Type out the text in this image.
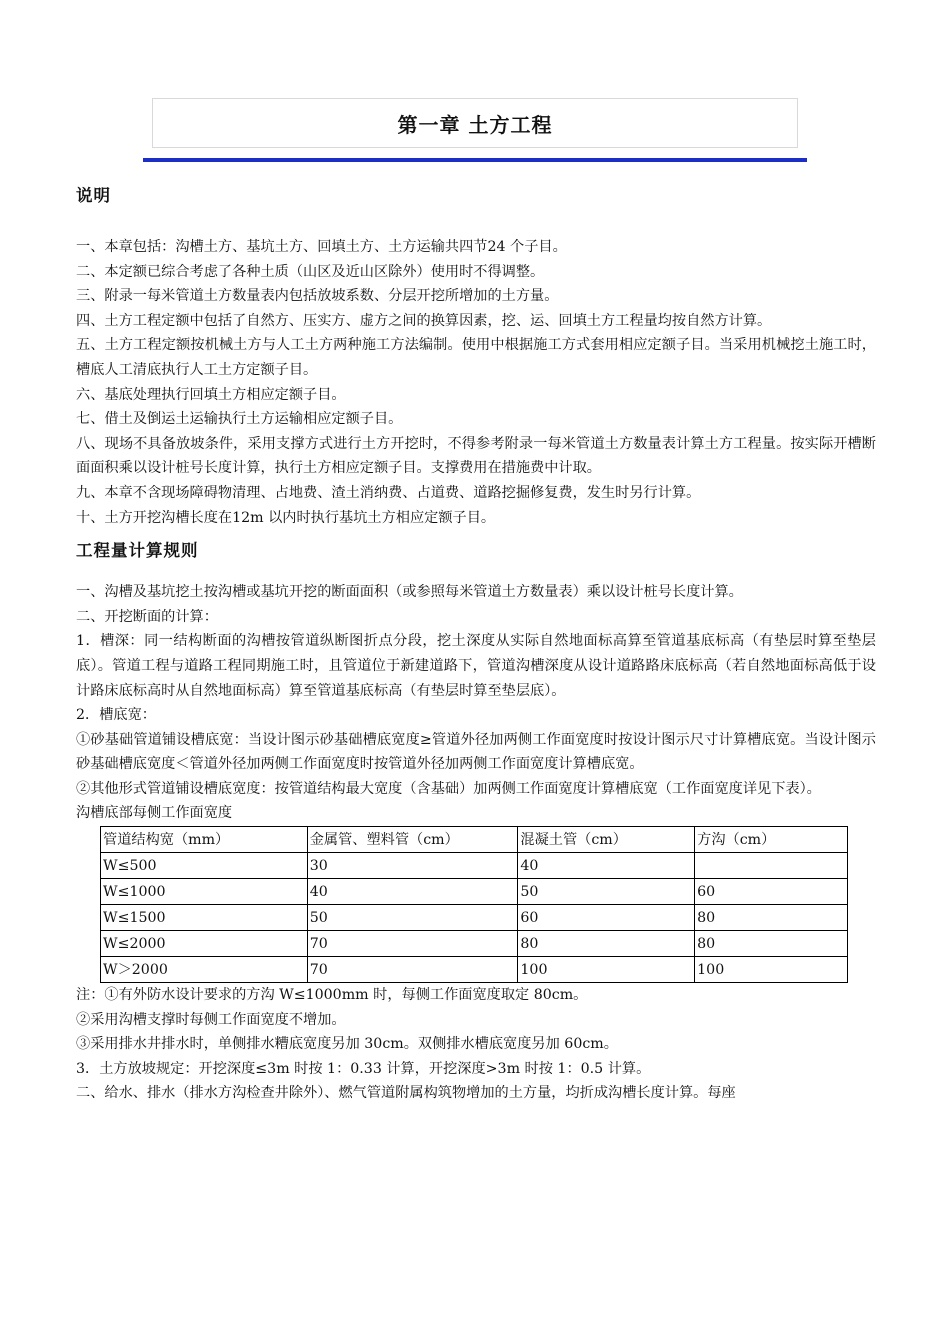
第一章 土方工程
说明

一、本章包括：沟槽土方、基坑土方、回填土方、土方运输共四节24 个子目。

二、本定额已综合考虑了各种土质（山区及近山区除外）使用时不得调整。

三、附录一每米管道土方数量表内包括放坡系数、分层开挖所增加的土方量。

四、土方工程定额中包括了自然方、压实方、虚方之间的换算因素，挖、运、回填土方工程量均按自然方计算。

五、土方工程定额按机械土方与人工土方两种施工方法编制。使用中根据施工方式套用相应定额子目。当采用机械挖土施工时，槽底人工清底执行人工土方定额子目。

六、基底处理执行回填土方相应定额子目。

七、借土及倒运土运输执行土方运输相应定额子目。

八、现场不具备放坡条件，采用支撑方式进行土方开挖时，不得参考附录一每米管道土方数量表计算土方工程量。按实际开槽断面面积乘以设计桩号长度计算，执行土方相应定额子目。支撑费用在措施费中计取。

九、本章不含现场障碍物清理、占地费、渣土消纳费、占道费、道路挖掘修复费，发生时另行计算。

十、土方开挖沟槽长度在12m 以内时执行基坑土方相应定额子目。

工程量计算规则

一、沟槽及基坑挖土按沟槽或基坑开挖的断面面积（或参照每米管道土方数量表）乘以设计桩号长度计算。

二、开挖断面的计算：

1．槽深：同一结构断面的沟槽按管道纵断图折点分段，挖土深度从实际自然地面标高算至管道基底标高（有垫层时算至垫层底）。管道工程与道路工程同期施工时，且管道位于新建道路下，管道沟槽深度从设计道路路床底标高（若自然地面标高低于设计路床底标高时从自然地面标高）算至管道基底标高（有垫层时算至垫层底）。

2．槽底宽：

①砂基础管道铺设槽底宽：当设计图示砂基础槽底宽度≥管道外径加两侧工作面宽度时按设计图示尺寸计算槽底宽。当设计图示砂基础槽底宽度＜管道外径加两侧工作面宽度时按管道外径加两侧工作面宽度计算槽底宽。

②其他形式管道铺设槽底宽度：按管道结构最大宽度（含基础）加两侧工作面宽度计算槽底宽（工作面宽度详见下表）。

沟槽底部每侧工作面宽度

管道结构宽（mm）	金属管、塑料管（cm）	混凝土管（cm）	方沟（cm）
W≤500	30	40	
W≤1000	40	50	60
W≤1500	50	60	80
W≤2000	70	80	80
W＞2000	70	100	100

注：①有外防水设计要求的方沟 W≤1000mm 时，每侧工作面宽度取定 80cm。

②采用沟槽支撑时每侧工作面宽度不增加。

③采用排水井排水时，单侧排水糟底宽度另加 30cm。双侧排水槽底宽度另加 60cm。

3．土方放坡规定：开挖深度≤3m 时按 1：0.33 计算，开挖深度>3m 时按 1：0.5 计算。

二、给水、排水（排水方沟检查井除外）、燃气管道附属构筑物增加的土方量，均折成沟槽长度计算。每座
